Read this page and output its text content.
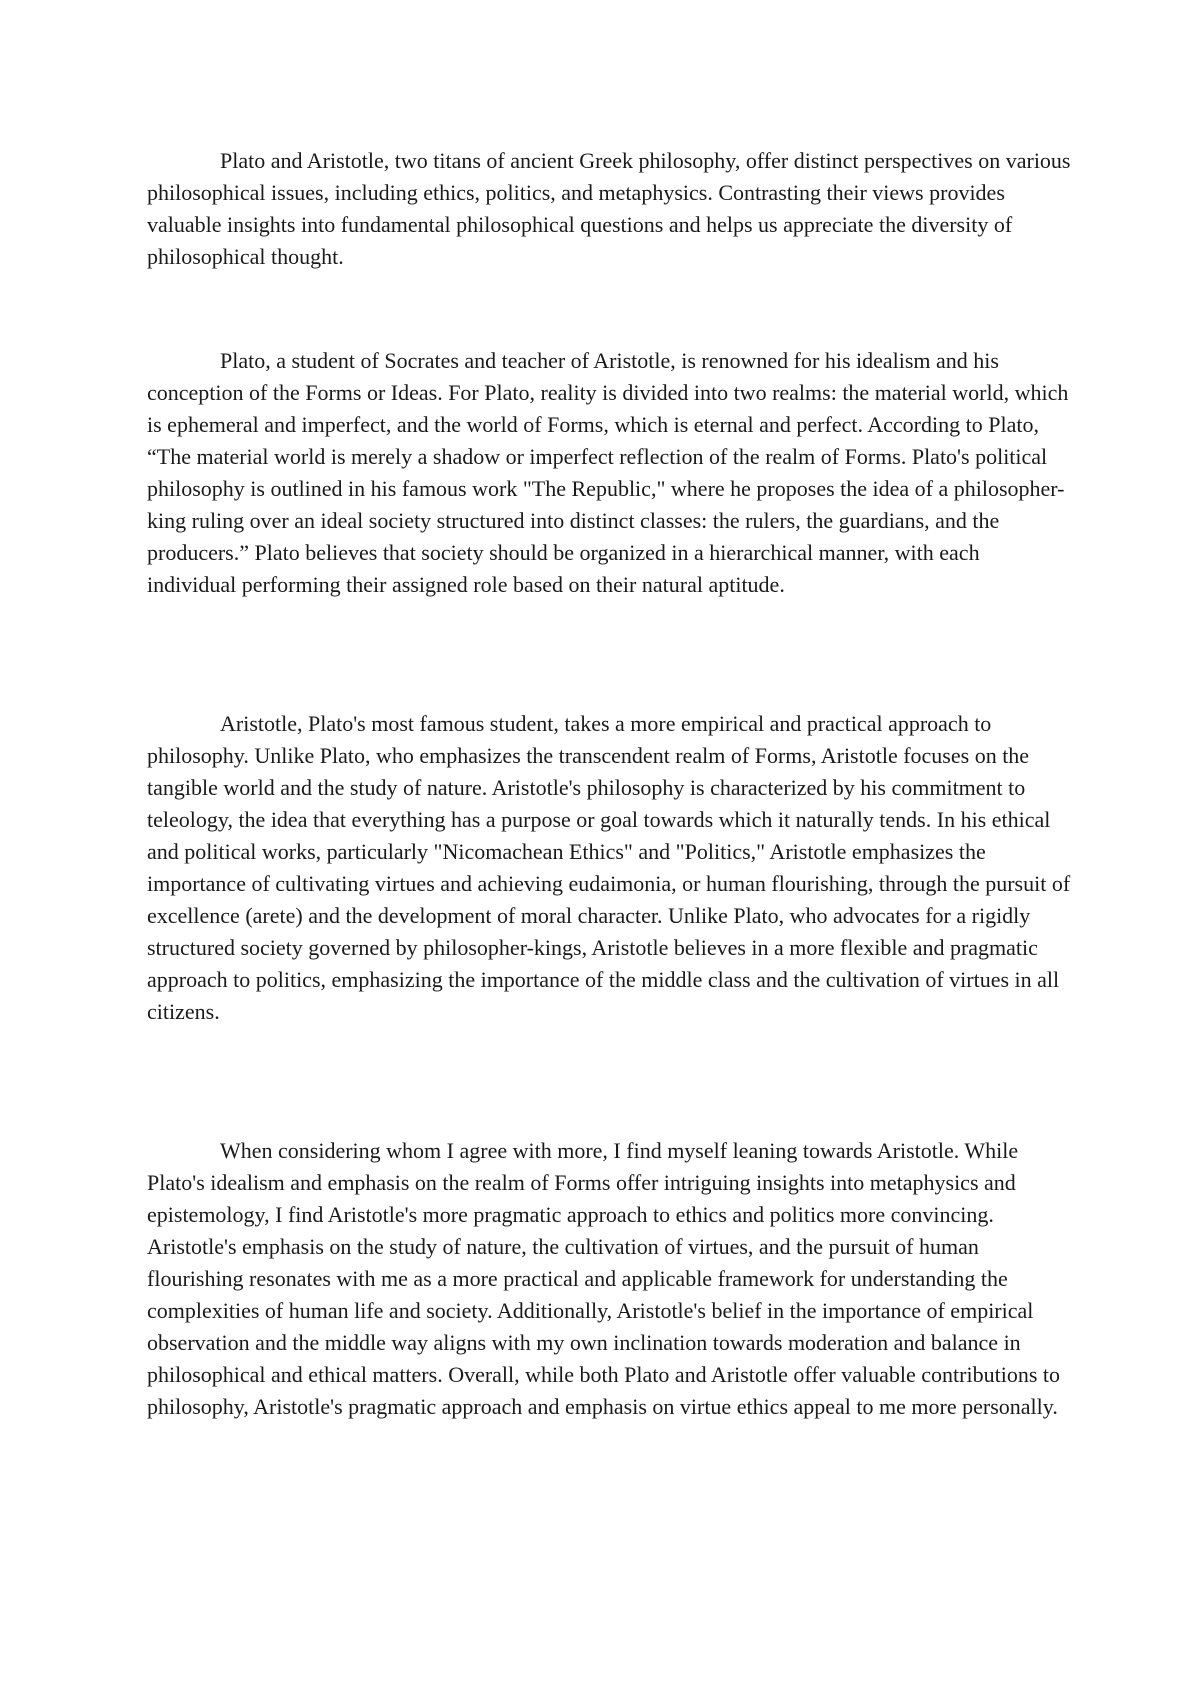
Plato and Aristotle, two titans of ancient Greek philosophy, offer distinct perspectives on various philosophical issues, including ethics, politics, and metaphysics. Contrasting their views provides valuable insights into fundamental philosophical questions and helps us appreciate the diversity of philosophical thought.

Plato, a student of Socrates and teacher of Aristotle, is renowned for his idealism and his conception of the Forms or Ideas. For Plato, reality is divided into two realms: the material world, which is ephemeral and imperfect, and the world of Forms, which is eternal and perfect. According to Plato, “The material world is merely a shadow or imperfect reflection of the realm of Forms. Plato's political philosophy is outlined in his famous work "The Republic," where he proposes the idea of a philosopher-king ruling over an ideal society structured into distinct classes: the rulers, the guardians, and the producers.” Plato believes that society should be organized in a hierarchical manner, with each individual performing their assigned role based on their natural aptitude.

Aristotle, Plato's most famous student, takes a more empirical and practical approach to philosophy. Unlike Plato, who emphasizes the transcendent realm of Forms, Aristotle focuses on the tangible world and the study of nature. Aristotle's philosophy is characterized by his commitment to teleology, the idea that everything has a purpose or goal towards which it naturally tends. In his ethical and political works, particularly "Nicomachean Ethics" and "Politics," Aristotle emphasizes the importance of cultivating virtues and achieving eudaimonia, or human flourishing, through the pursuit of excellence (arete) and the development of moral character. Unlike Plato, who advocates for a rigidly structured society governed by philosopher-kings, Aristotle believes in a more flexible and pragmatic approach to politics, emphasizing the importance of the middle class and the cultivation of virtues in all citizens.

When considering whom I agree with more, I find myself leaning towards Aristotle. While Plato's idealism and emphasis on the realm of Forms offer intriguing insights into metaphysics and epistemology, I find Aristotle's more pragmatic approach to ethics and politics more convincing. Aristotle's emphasis on the study of nature, the cultivation of virtues, and the pursuit of human flourishing resonates with me as a more practical and applicable framework for understanding the complexities of human life and society. Additionally, Aristotle's belief in the importance of empirical observation and the middle way aligns with my own inclination towards moderation and balance in philosophical and ethical matters. Overall, while both Plato and Aristotle offer valuable contributions to philosophy, Aristotle's pragmatic approach and emphasis on virtue ethics appeal to me more personally.
